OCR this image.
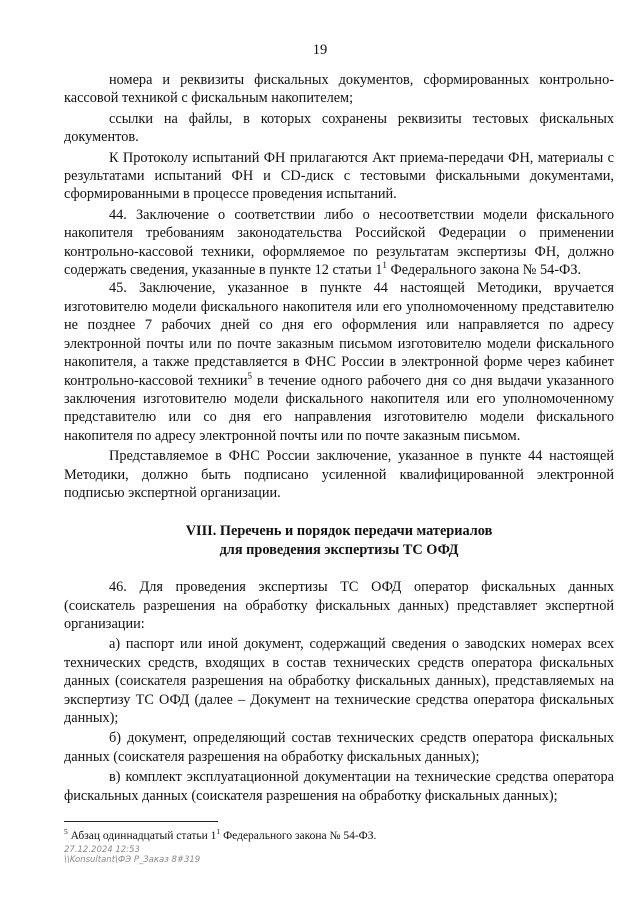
19

номера и реквизиты фискальных документов, сформированных контрольно-кассовой техникой с фискальным накопителем;

ссылки на файлы, в которых сохранены реквизиты тестовых фискальных документов.

К Протоколу испытаний ФН прилагаются Акт приема-передачи ФН, материалы с результатами испытаний ФН и CD-диск с тестовыми фискальными документами, сформированными в процессе проведения испытаний.

44. Заключение о соответствии либо о несоответствии модели фискального накопителя требованиям законодательства Российской Федерации о применении контрольно-кассовой техники, оформляемое по результатам экспертизы ФН, должно содержать сведения, указанные в пункте 12 статьи $1^1$ Федерального закона № 54-ФЗ.

45. Заключение, указанное в пункте 44 настоящей Методики, вручается изготовителю модели фискального накопителя или его уполномоченному представителю не позднее 7 рабочих дней со дня его оформления или направляется по адресу электронной почты или по почте заказным письмом изготовителю модели фискального накопителя, а также представляется в ФНС России в электронной форме через кабинет контрольно-кассовой техники$^5$ в течение одного рабочего дня со дня выдачи указанного заключения изготовителю модели фискального накопителя или его уполномоченному представителю или со дня его направления изготовителю модели фискального накопителя по адресу электронной почты или по почте заказным письмом.

Представляемое в ФНС России заключение, указанное в пункте 44 настоящей Методики, должно быть подписано усиленной квалифицированной электронной подписью экспертной организации.

VIII. Перечень и порядок передачи материалов

для проведения экспертизы ТС ОФД

46. Для проведения экспертизы ТС ОФД оператор фискальных данных (соискатель разрешения на обработку фискальных данных) представляет экспертной организации:

а) паспорт или иной документ, содержащий сведения о заводских номерах всех технических средств, входящих в состав технических средств оператора фискальных данных (соискателя разрешения на обработку фискальных данных), представляемых на экспертизу ТС ОФД (далее – Документ на технические средства оператора фискальных данных);

б) документ, определяющий состав технических средств оператора фискальных данных (соискателя разрешения на обработку фискальных данных);

в) комплект эксплуатационной документации на технические средства оператора фискальных данных (соискателя разрешения на обработку фискальных данных);

$^5$ Абзац одиннадцатый статьи $1^1$ Федерального закона № 54-ФЗ.
27.12.2024 12:53
\\Konsultant\ФЭ Р_Заказ 8#319
